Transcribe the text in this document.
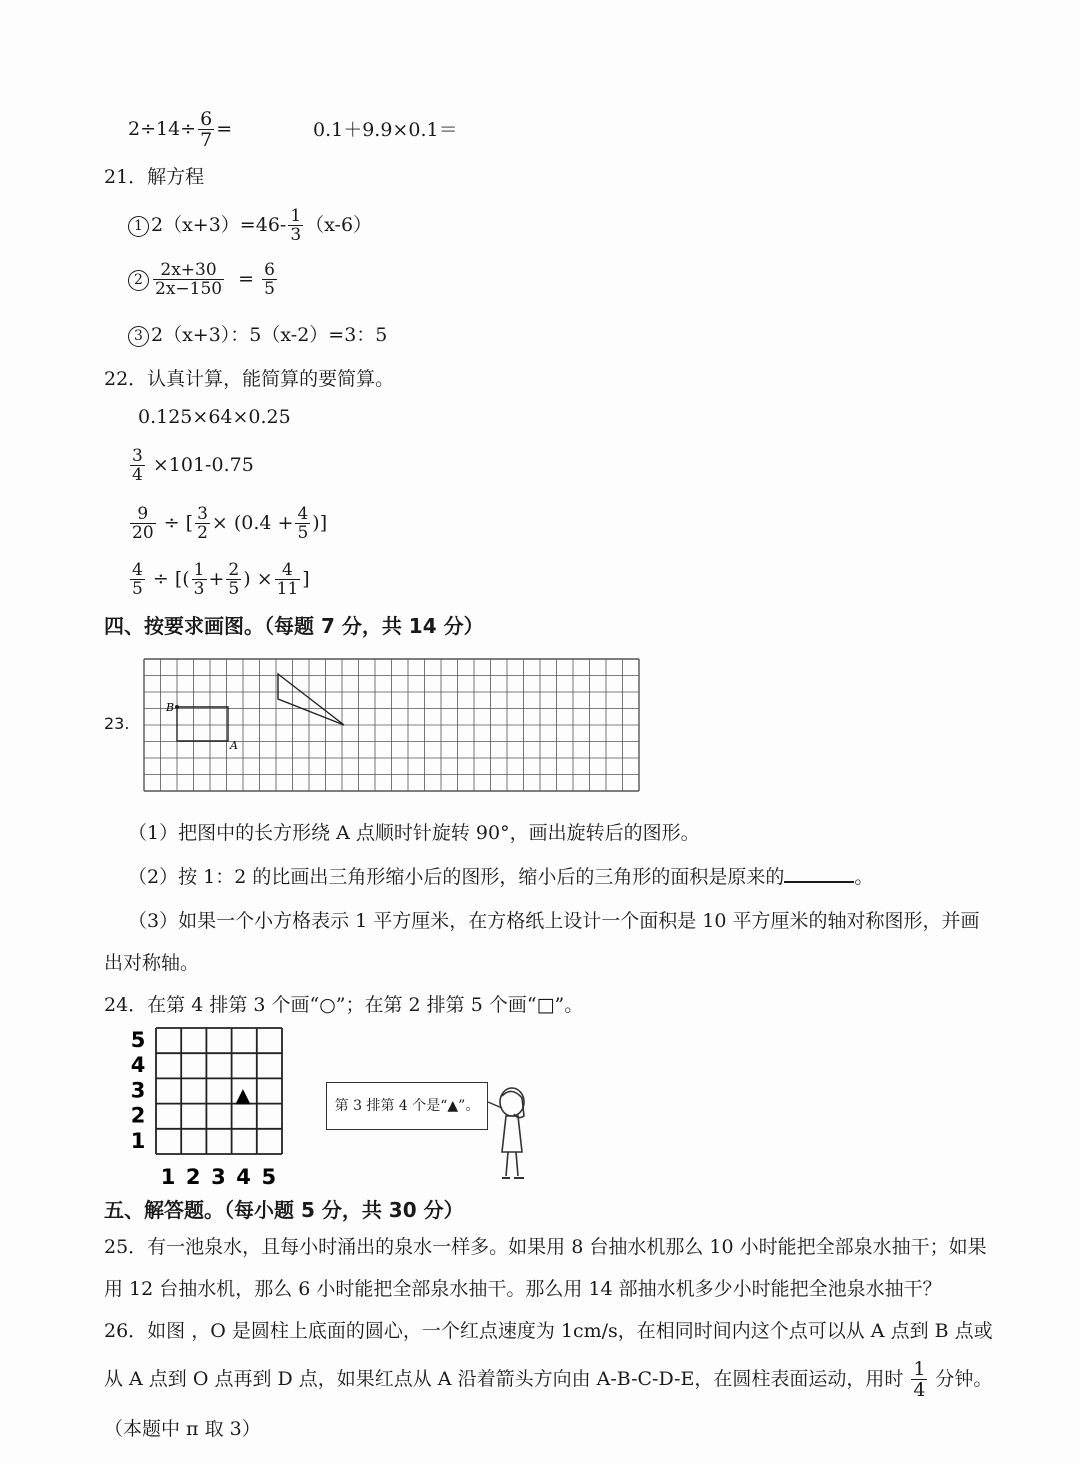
$2\div 14\div \frac{6}{7}$ =	0.1＋9.9×0.1＝
21．解方程
1 $2(x+3)=46- \frac{1}{3} (x-6)$
$2 \frac{2x+30}{2x-150} = \frac{6}{5}$
3 2（x+3）：5（x-2）=3：5
22．认真计算，能简算的要简算。
0.125×64×0.25
$\frac{3}{4} \times 101-0.75$
$\frac{9}{20}$ ÷ [ $\frac{3}{2} \times (0.4 + \frac{4}{5}$ )]
$\frac{4}{5}$ ÷ [( $\frac{1}{3} + \frac{2}{5}$ ) × $\frac{4}{11}$ ]
四、按要求画图。（每题 7 分，共 14 分）
23.
B
A
（1）把图中的长方形绕 A 点顺时针旋转 90°，画出旋转后的图形。
（2）按 1：2 的比画出三角形缩小后的图形，缩小后的三角形的面积是原来的	。
（3）如果一个小方格表示 1 平方厘米，在方格纸上设计一个面积是 10 平方厘米的轴对称图形，并画
出对称轴。
24．在第 4 排第 3 个画“○”；在第 2 排第 5 个画“□”。
5
4
3
2
1
1 2 3 4 5
▲	第 3 排第 4 个是“▲”。
五、解答题。（每小题 5 分，共 30 分）
25．有一池泉水，且每小时涌出的泉水一样多。如果用 8 台抽水机那么 10 小时能把全部泉水抽干；如果
用 12 台抽水机，那么 6 小时能把全部泉水抽干。那么用 14 部抽水机多少小时能把全池泉水抽干？
26．如图 ，O 是圆柱上底面的圆心，一个红点速度为 1cm/s，在相同时间内这个点可以从 A 点到 B 点或
从 A 点到 O 点再到 D 点，如果红点从 A 沿着箭头方向由 A-B-C-D-E，在圆柱表面运动，用时 $\frac{1}{4}$ 分钟。
（本题中 π 取 3）
